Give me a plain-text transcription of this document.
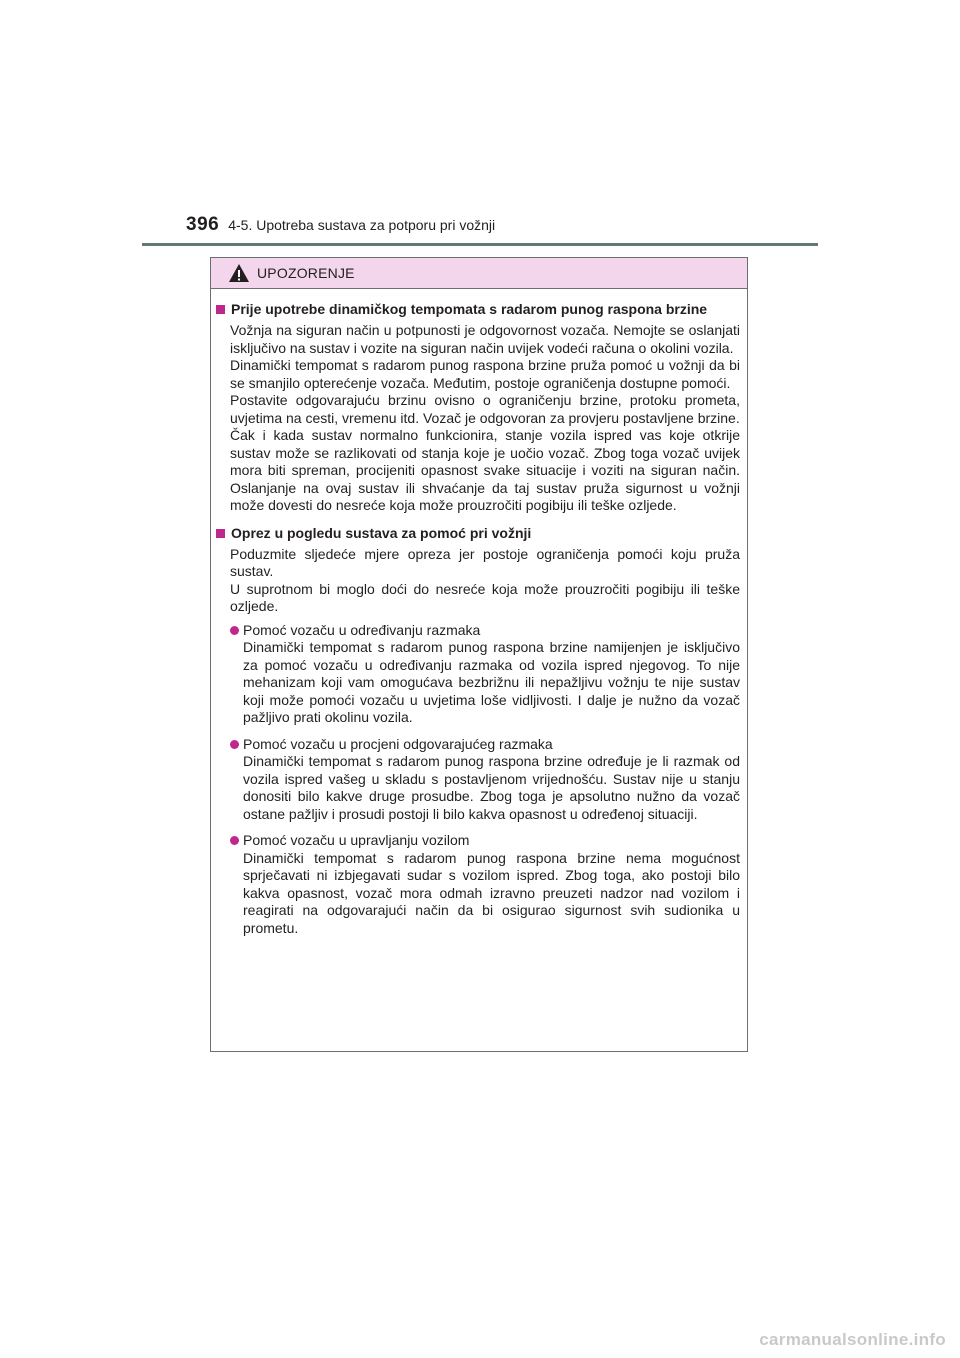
396 4-5. Upotreba sustava za potporu pri vožnji
UPOZORENJE
Prije upotrebe dinamičkog tempomata s radarom punog raspona brzine

Vožnja na siguran način u potpunosti je odgovornost vozača. Nemojte se oslanjati isključivo na sustav i vozite na siguran način uvijek vodeći računa o okolini vozila.

Dinamički tempomat s radarom punog raspona brzine pruža pomoć u vožnji da bi se smanjilo opterećenje vozača. Međutim, postoje ograničenja dostupne pomoći.

Postavite odgovarajuću brzinu ovisno o ograničenju brzine, protoku prometa, uvjetima na cesti, vremenu itd. Vozač je odgovoran za provjeru postavljene brzine.

Čak i kada sustav normalno funkcionira, stanje vozila ispred vas koje otkrije sustav može se razlikovati od stanja koje je uočio vozač. Zbog toga vozač uvijek mora biti spreman, procijeniti opasnost svake situacije i voziti na siguran način. Oslanjanje na ovaj sustav ili shvaćanje da taj sustav pruža sigurnost u vožnji može dovesti do nesreće koja može prouzročiti pogibiju ili teške ozljede.

Oprez u pogledu sustava za pomoć pri vožnji

Poduzmite sljedeće mjere opreza jer postoje ograničenja pomoći koju pruža sustav.

U suprotnom bi moglo doći do nesreće koja može prouzročiti pogibiju ili teške ozljede.

Pomoć vozaču u određivanju razmaka
Dinamički tempomat s radarom punog raspona brzine namijenjen je isključivo za pomoć vozaču u određivanju razmaka od vozila ispred njegovog. To nije mehanizam koji vam omogućava bezbrižnu ili nepažljivu vožnju te nije sustav koji može pomoći vozaču u uvjetima loše vidljivosti. I dalje je nužno da vozač pažljivo prati okolinu vozila.
Pomoć vozaču u procjeni odgovarajućeg razmaka
Dinamički tempomat s radarom punog raspona brzine određuje je li razmak od vozila ispred vašeg u skladu s postavljenom vrijednošću. Sustav nije u stanju donositi bilo kakve druge prosudbe. Zbog toga je apsolutno nužno da vozač ostane pažljiv i prosudi postoji li bilo kakva opasnost u određenoj situaciji.
Pomoć vozaču u upravljanju vozilom
Dinamički tempomat s radarom punog raspona brzine nema mogućnost sprječavati ni izbjegavati sudar s vozilom ispred. Zbog toga, ako postoji bilo kakva opasnost, vozač mora odmah izravno preuzeti nadzor nad vozilom i reagirati na odgovarajući način da bi osigurao sigurnost svih sudionika u prometu.
carmanualsonline.info
